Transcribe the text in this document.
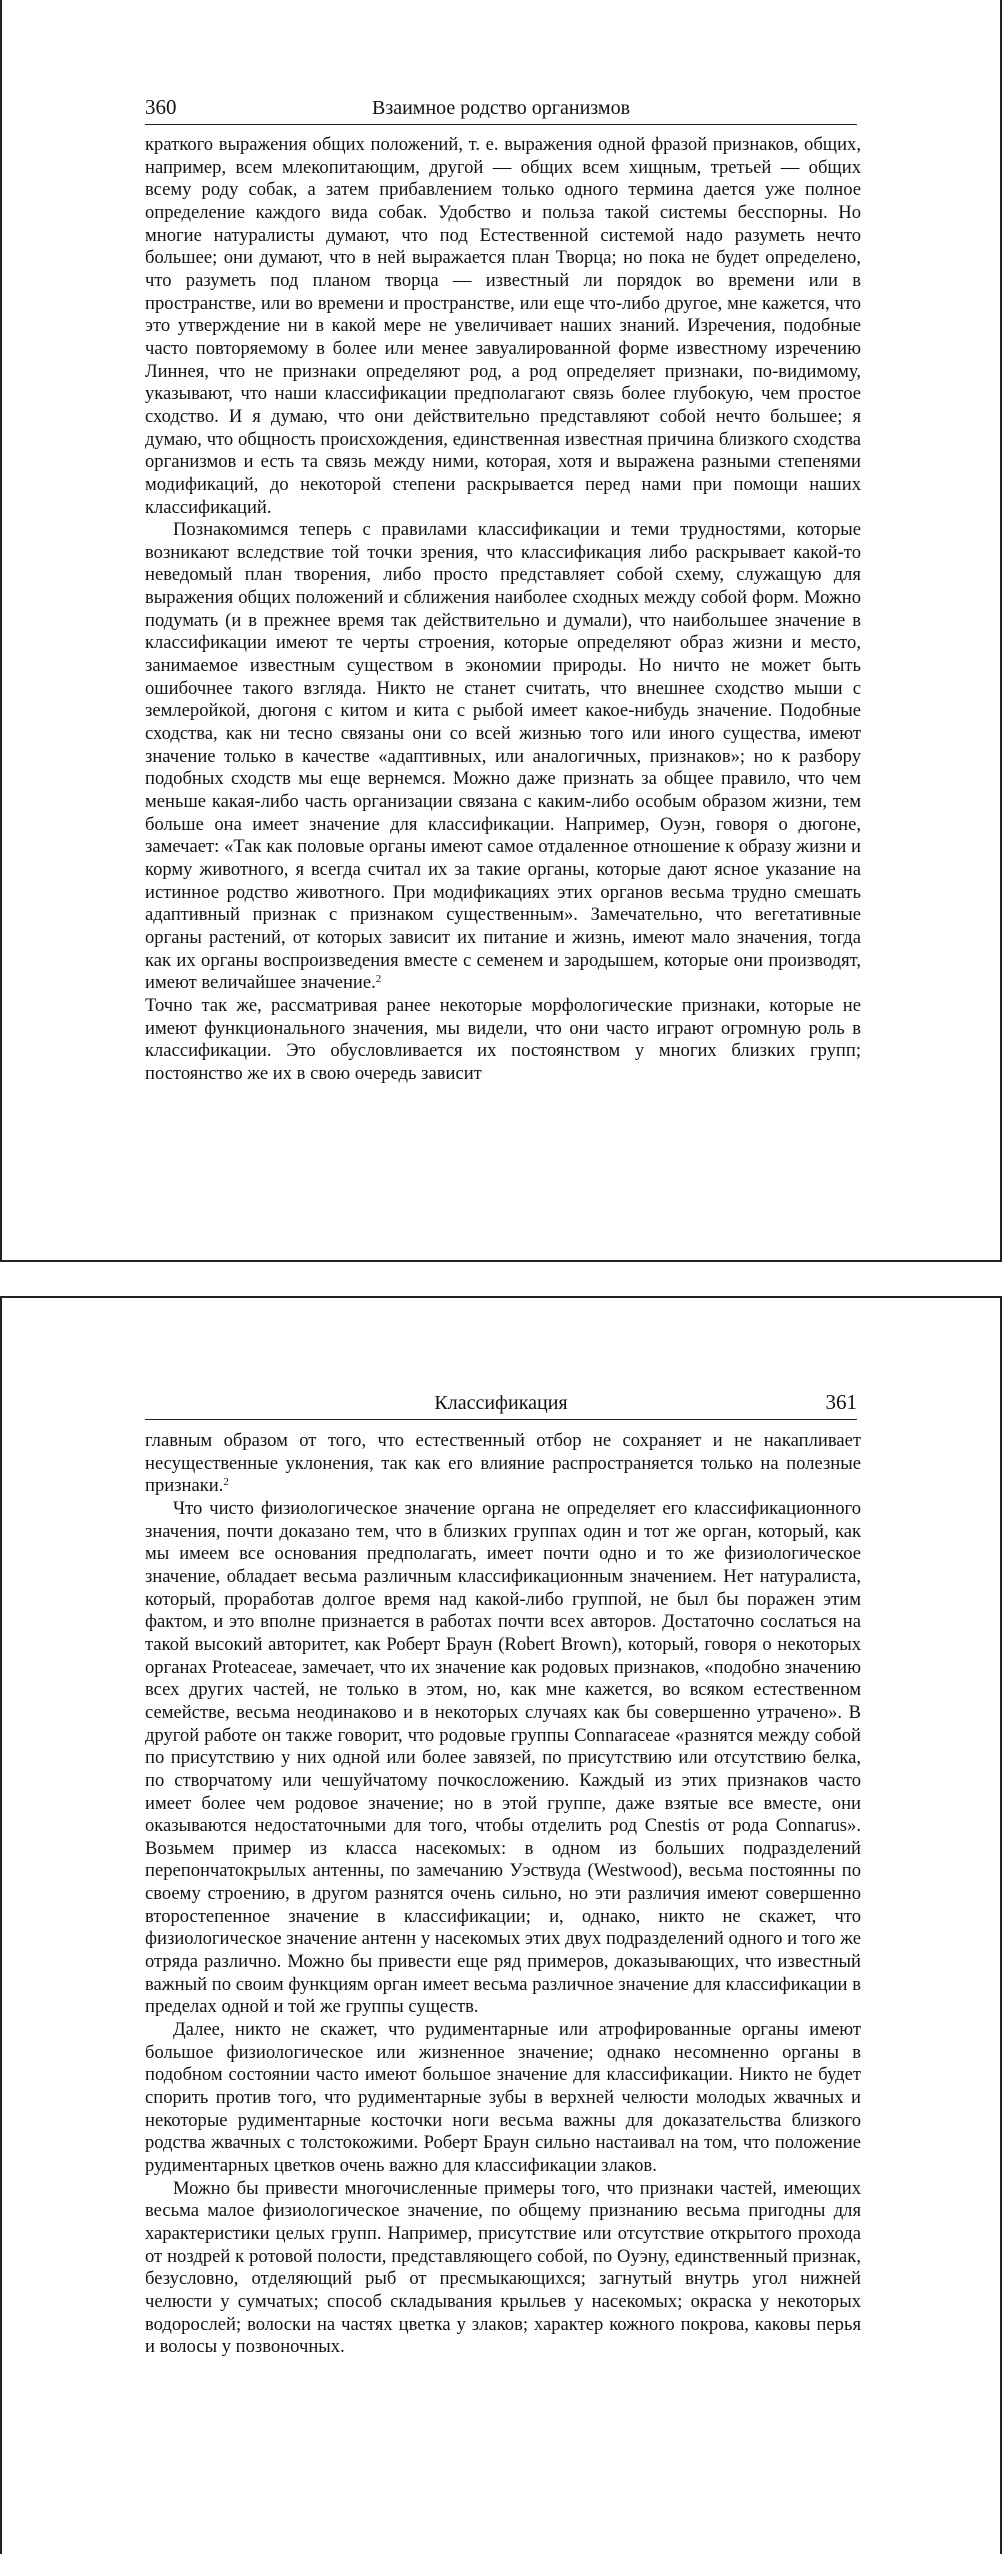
360	Взаимное родство организмов

краткого выражения общих положений, т. е. выражения одной фразой признаков, общих, например, всем млекопитающим, другой — общих всем хищным, третьей — общих всему роду собак, а затем прибавлением только одного термина дается уже полное определение каждого вида собак. Удобство и польза такой системы бесспорны. Но многие натуралисты думают, что под Естественной системой надо разуметь нечто большее; они думают, что в ней выражается план Творца; но пока не будет определено, что разуметь под планом творца — известный ли порядок во времени или в пространстве, или во времени и пространстве, или еще что-либо другое, мне кажется, что это утверждение ни в какой мере не увеличивает наших знаний. Изречения, подобные часто повторяемому в более или менее завуалированной форме известному изречению Линнея, что не признаки определяют род, а род определяет признаки, по-видимому, указывают, что наши классификации предполагают связь более глубокую, чем простое сходство. И я думаю, что они действительно представляют собой нечто большее; я думаю, что общность происхождения, единственная известная причина близкого сходства организмов и есть та связь между ними, которая, хотя и выражена разными степенями модификаций, до некоторой степени раскрывается перед нами при помощи наших классификаций.

Познакомимся теперь с правилами классификации и теми трудностями, которые возникают вследствие той точки зрения, что классификация либо раскрывает какой-то неведомый план творения, либо просто представляет собой схему, служащую для выражения общих положений и сближения наиболее сходных между собой форм. Можно подумать (и в прежнее время так действительно и думали), что наибольшее значение в классификации имеют те черты строения, которые определяют образ жизни и место, занимаемое известным существом в экономии природы. Но ничто не может быть ошибочнее такого взгляда. Никто не станет считать, что внешнее сходство мыши с землеройкой, дюгоня с китом и кита с рыбой имеет какое-нибудь значение. Подобные сходства, как ни тесно связаны они со всей жизнью того или иного существа, имеют значение только в качестве «адаптивных, или аналогичных, признаков»; но к разбору подобных сходств мы еще вернемся. Можно даже признать за общее правило, что чем меньше какая-либо часть организации связана с каким-либо особым образом жизни, тем больше она имеет значение для классификации. Например, Оуэн, говоря о дюгоне, замечает: «Так как половые органы имеют самое отдаленное отношение к образу жизни и корму животного, я всегда считал их за такие органы, которые дают ясное указание на истинное родство животного. При модификациях этих органов весьма трудно смешать адаптивный признак с признаком существенным». Замечательно, что вегетативные органы растений, от которых зависит их питание и жизнь, имеют мало значения, тогда как их органы воспроизведения вместе с семенем и зародышем, которые они производят, имеют величайшее значение.$^2$

Точно так же, рассматривая ранее некоторые морфологические признаки, которые не имеют функционального значения, мы видели, что они часто играют огромную роль в классификации. Это обусловливается их постоянством у многих близких групп; постоянство же их в свою очередь зависит

Классификация	361

главным образом от того, что естественный отбор не сохраняет и не накапливает несущественные уклонения, так как его влияние распространяется только на полезные признаки.$^2$

Что чисто физиологическое значение органа не определяет его классификационного значения, почти доказано тем, что в близких группах один и тот же орган, который, как мы имеем все основания предполагать, имеет почти одно и то же физиологическое значение, обладает весьма различным классификационным значением. Нет натуралиста, который, проработав долгое время над какой-либо группой, не был бы поражен этим фактом, и это вполне признается в работах почти всех авторов. Достаточно сослаться на такой высокий авторитет, как Роберт Браун (Robert Brown), который, говоря о некоторых органах Proteaceae, замечает, что их значение как родовых признаков, «подобно значению всех других частей, не только в этом, но, как мне кажется, во всяком естественном семействе, весьма неодинаково и в некоторых случаях как бы совершенно утрачено». В другой работе он также говорит, что родовые группы Connaraceae «разнятся между собой по присутствию у них одной или более завязей, по присутствию или отсутствию белка, по створчатому или чешуйчатому почкосложению. Каждый из этих признаков часто имеет более чем родовое значение; но в этой группе, даже взятые все вместе, они оказываются недостаточными для того, чтобы отделить род Cnestis от рода Connarus». Возьмем пример из класса насекомых: в одном из больших подразделений перепончатокрылых антенны, по замечанию Уэствуда (Westwood), весьма постоянны по своему строению, в другом разнятся очень сильно, но эти различия имеют совершенно второстепенное значение в классификации; и, однако, никто не скажет, что физиологическое значение антенн у насекомых этих двух подразделений одного и того же отряда различно. Можно бы привести еще ряд примеров, доказывающих, что известный важный по своим функциям орган имеет весьма различное значение для классификации в пределах одной и той же группы существ.

Далее, никто не скажет, что рудиментарные или атрофированные органы имеют большое физиологическое или жизненное значение; однако несомненно органы в подобном состоянии часто имеют большое значение для классификации. Никто не будет спорить против того, что рудиментарные зубы в верхней челюсти молодых жвачных и некоторые рудиментарные косточки ноги весьма важны для доказательства близкого родства жвачных с толстокожими. Роберт Браун сильно настаивал на том, что положение рудиментарных цветков очень важно для классификации злаков.

Можно бы привести многочисленные примеры того, что признаки частей, имеющих весьма малое физиологическое значение, по общему признанию весьма пригодны для характеристики целых групп. Например, присутствие или отсутствие открытого прохода от ноздрей к ротовой полости, представляющего собой, по Оуэну, единственный признак, безусловно, отделяющий рыб от пресмыкающихся; загнутый внутрь угол нижней челюсти у сумчатых; способ складывания крыльев у насекомых; окраска у некоторых водорослей; волоски на частях цветка у злаков; характер кожного покрова, каковы перья и волосы у позвоночных.
